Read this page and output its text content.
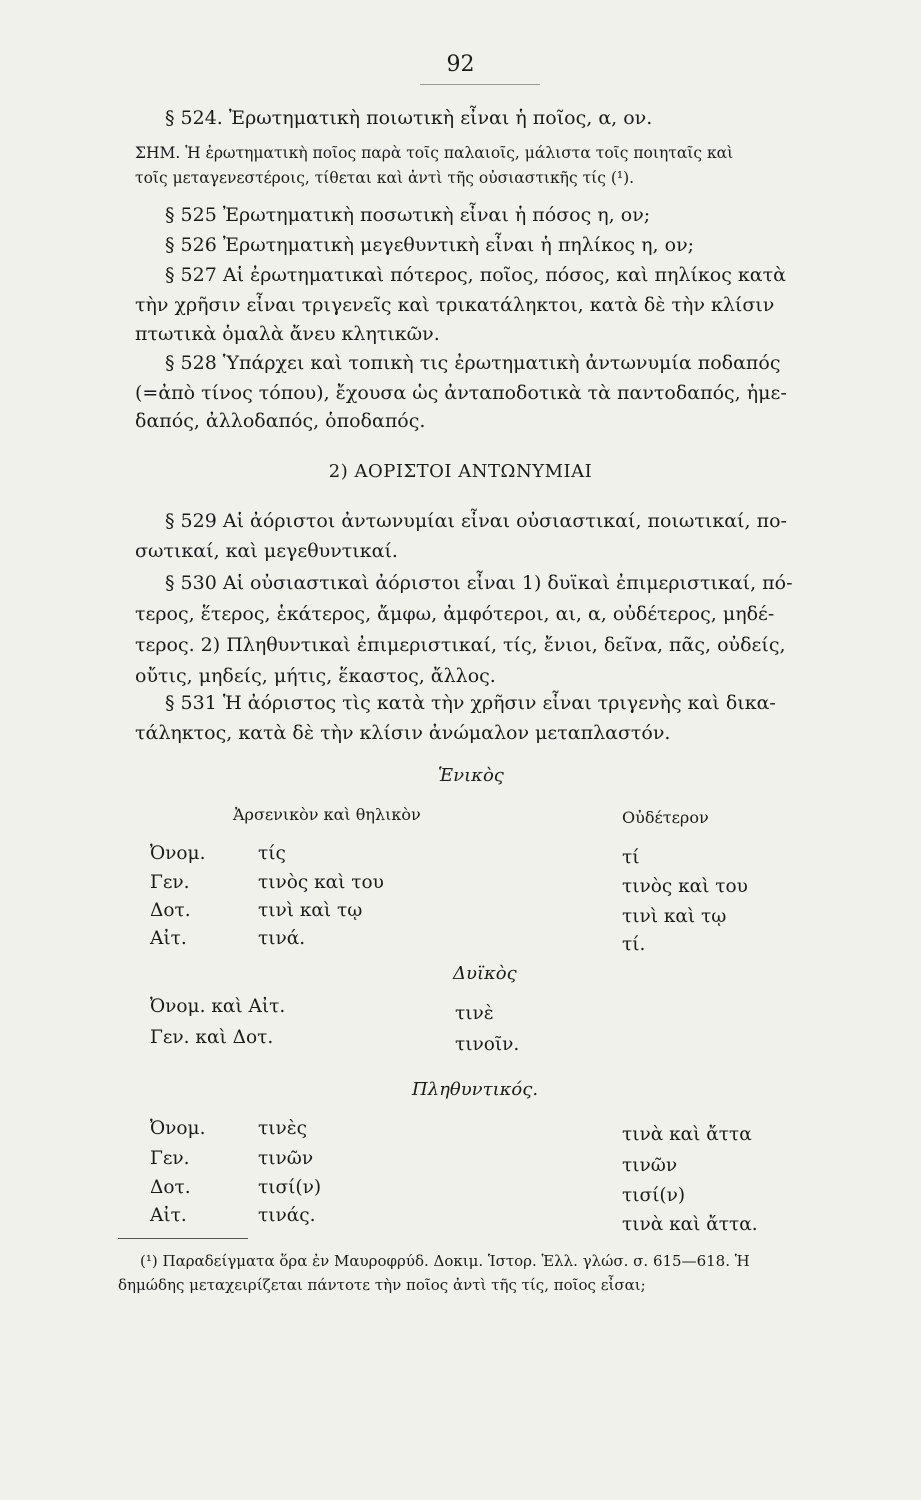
92
§ 524. Ἐρωτηματικὴ ποιωτικὴ εἶναι ἡ ποῖος, α, ον.
ΣΗΜ. Ἡ ἐρωτηματικὴ ποῖος παρὰ τοῖς παλαιοῖς, μάλιστα τοῖς ποιηταῖς καὶ
τοῖς μεταγενεστέροις, τίθεται καὶ ἀντὶ τῆς οὐσιαστικῆς τίς (¹).
§ 525 Ἐρωτηματικὴ ποσωτικὴ εἶναι ἡ πόσος η, ον;
§ 526 Ἐρωτηματικὴ μεγεθυντικὴ εἶναι ἡ πηλίκος η, ον;
§ 527 Αἱ ἐρωτηματικαὶ πότερος, ποῖος, πόσος, καὶ πηλίκος κατὰ
τὴν χρῆσιν εἶναι τριγενεῖς καὶ τρικατάληκτοι, κατὰ δὲ τὴν κλίσιν
πτωτικὰ ὁμαλὰ ἄνευ κλητικῶν.
§ 528 Ὑπάρχει καὶ τοπικὴ τις ἐρωτηματικὴ ἀντωνυμία ποδαπός
(=ἀπὸ τίνος τόπου), ἔχουσα ὡς ἀνταποδοτικὰ τὰ παντοδαπός, ἡμε-
δαπός, ἀλλοδαπός, ὁποδαπός.
2) ΑΟΡΙΣΤΟΙ ΑΝΤΩΝΥΜΙΑΙ
§ 529 Αἱ ἀόριστοι ἀντωνυμίαι εἶναι οὐσιαστικαί, ποιωτικαί, πο-
σωτικαί, καὶ μεγεθυντικαί.
§ 530 Αἱ οὐσιαστικαὶ ἀόριστοι εἶναι 1) δυϊκαὶ ἐπιμεριστικαί, πό-
τερος, ἕτερος, ἑκάτερος, ἄμφω, ἀμφότεροι, αι, α, οὐδέτερος, μηδέ-
τερος. 2) Πληθυντικαὶ ἐπιμεριστικαί, τίς, ἔνιοι, δεῖνα, πᾶς, οὐδείς,
οὔτις, μηδείς, μήτις, ἕκαστος, ἄλλος.
§ 531 Ἡ ἀόριστος τὶς κατὰ τὴν χρῆσιν εἶναι τριγενὴς καὶ δικα-
τάληκτος, κατὰ δὲ τὴν κλίσιν ἀνώμαλον μεταπλαστόν.
Ἑνικὸς
Ἀρσενικὸν καὶ θηλικὸν	Οὐδέτερον
Ὀνομ.	τίς	τί
Γεν.	τινὸς καὶ του	τινὸς καὶ του
Δοτ.	τινὶ καὶ τῳ	τινὶ καὶ τῳ
Αἰτ.	τινά.	τί.
Δυϊκὸς
Ὀνομ. καὶ Αἰτ.	τινὲ
Γεν. καὶ Δοτ.	τινοῖν.
Πληθυντικός.
Ὀνομ.	τινὲς	τινὰ καὶ ἄττα
Γεν.	τινῶν	τινῶν
Δοτ.	τισί(ν)	τισί(ν)
Αἰτ.	τινάς.	τινὰ καὶ ἄττα.
(¹) Παραδείγματα ὅρα ἐν Μαυροφρύδ. Δοκιμ. Ἱστορ. Ἑλλ. γλώσ. σ. 615—618. Ἡ
δημώδης μεταχειρίζεται πάντοτε τὴν ποῖος ἀντὶ τῆς τίς, ποῖος εἶσαι;
